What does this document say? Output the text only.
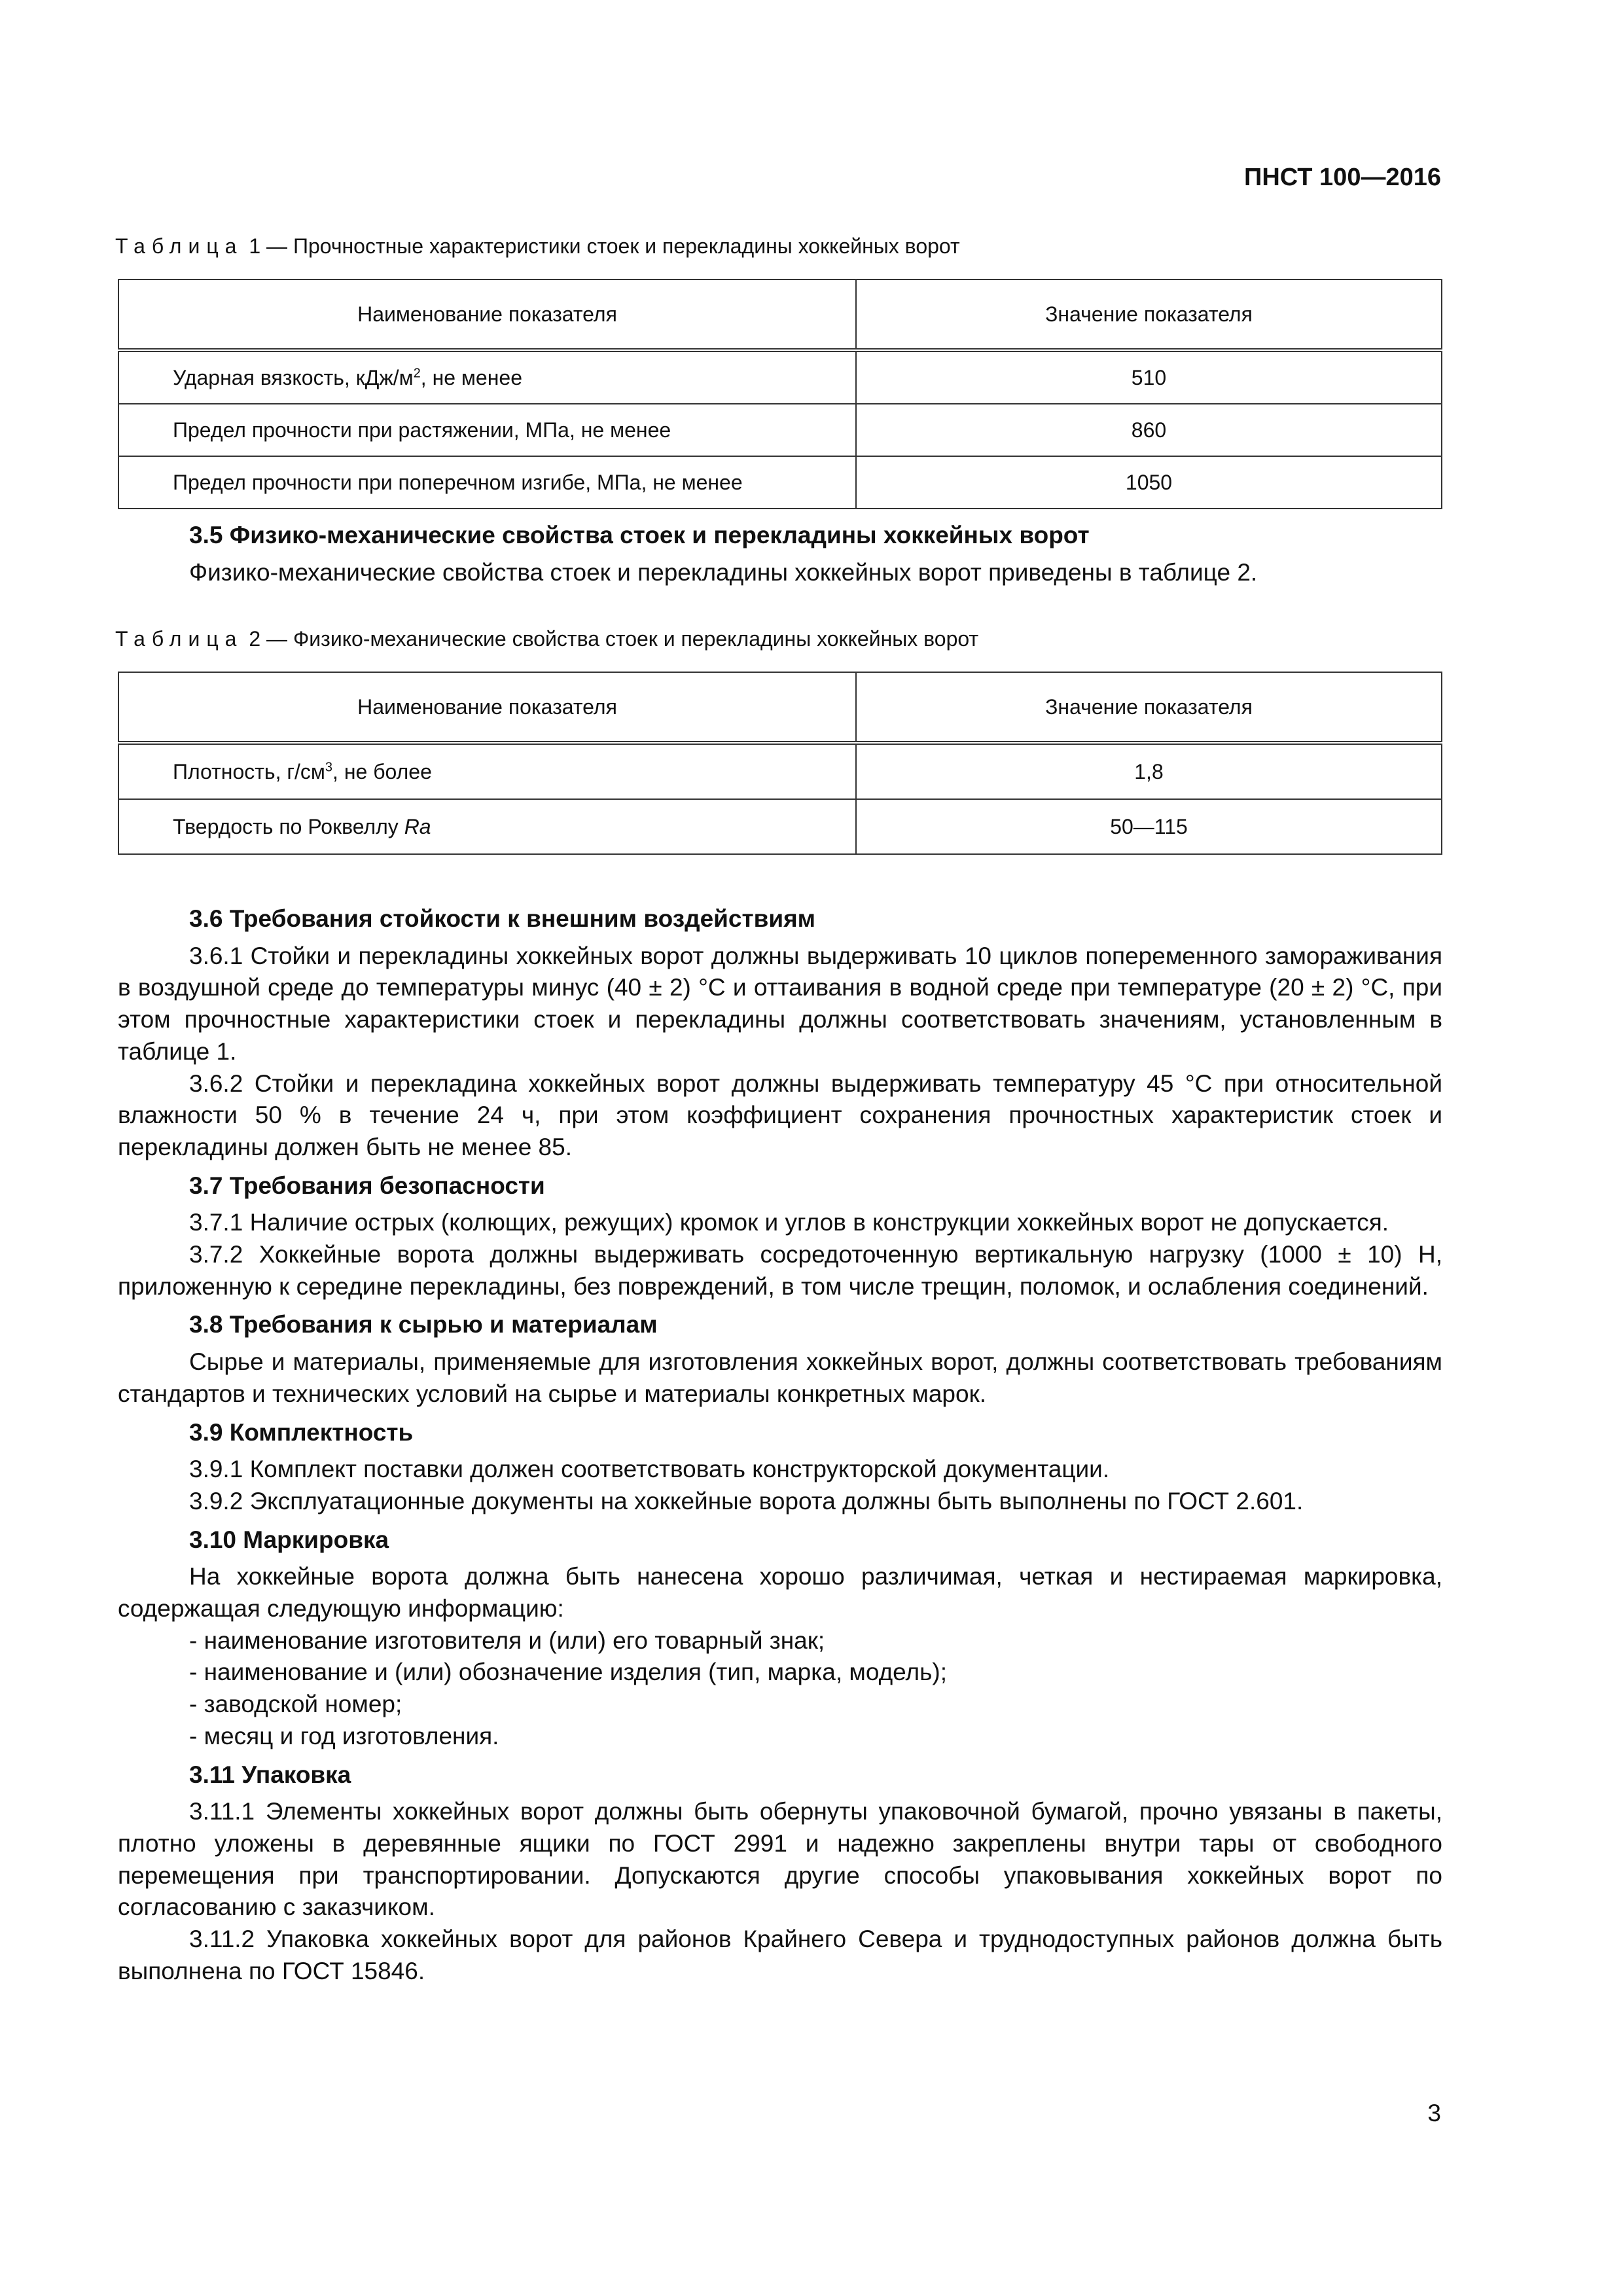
ПНСТ 100—2016
Таблица 1 — Прочностные характеристики стоек и перекладины хоккейных ворот
Наименование показателя	Значение показателя
Ударная вязкость, кДж/$м^2$, не менее	510
Предел прочности при растяжении, МПа, не менее	860
Предел прочности при поперечном изгибе, МПа, не менее	1050
3.5 Физико-механические свойства стоек и перекладины хоккейных ворот

Физико-механические свойства стоек и перекладины хоккейных ворот приведены в таблице 2.

Таблица 2 — Физико-механические свойства стоек и перекладины хоккейных ворот
Наименование показателя	Значение показателя
Плотность, $г/см^3$, не более	1,8
Твердость по Роквеллу Ra	50—115
3.6 Требования стойкости к внешним воздействиям

3.6.1 Стойки и перекладины хоккейных ворот должны выдерживать 10 циклов попеременного замораживания в воздушной среде до температуры минус (40 ± 2) °С и оттаивания в водной среде при температуре (20 ± 2) °С, при этом прочностные характеристики стоек и перекладины должны соответствовать значениям, установленным в таблице 1.

3.6.2 Стойки и перекладина хоккейных ворот должны выдерживать температуру 45 °С при относительной влажности 50 % в течение 24 ч, при этом коэффициент сохранения прочностных характеристик стоек и перекладины должен быть не менее 85.

3.7 Требования безопасности

3.7.1 Наличие острых (колющих, режущих) кромок и углов в конструкции хоккейных ворот не допускается.

3.7.2 Хоккейные ворота должны выдерживать сосредоточенную вертикальную нагрузку (1000 ± 10) Н, приложенную к середине перекладины, без повреждений, в том числе трещин, поломок, и ослабления соединений.

3.8 Требования к сырью и материалам

Сырье и материалы, применяемые для изготовления хоккейных ворот, должны соответствовать требованиям стандартов и технических условий на сырье и материалы конкретных марок.

3.9 Комплектность

3.9.1 Комплект поставки должен соответствовать конструкторской документации.

3.9.2 Эксплуатационные документы на хоккейные ворота должны быть выполнены по ГОСТ 2.601.

3.10 Маркировка

На хоккейные ворота должна быть нанесена хорошо различимая, четкая и нестираемая маркировка, содержащая следующую информацию:

- наименование изготовителя и (или) его товарный знак;
- наименование и (или) обозначение изделия (тип, марка, модель);
- заводской номер;
- месяц и год изготовления.
3.11 Упаковка

3.11.1 Элементы хоккейных ворот должны быть обернуты упаковочной бумагой, прочно увязаны в пакеты, плотно уложены в деревянные ящики по ГОСТ 2991 и надежно закреплены внутри тары от свободного перемещения при транспортировании. Допускаются другие способы упаковывания хоккейных ворот по согласованию с заказчиком.

3.11.2 Упаковка хоккейных ворот для районов Крайнего Севера и труднодоступных районов должна быть выполнена по ГОСТ 15846.

3
